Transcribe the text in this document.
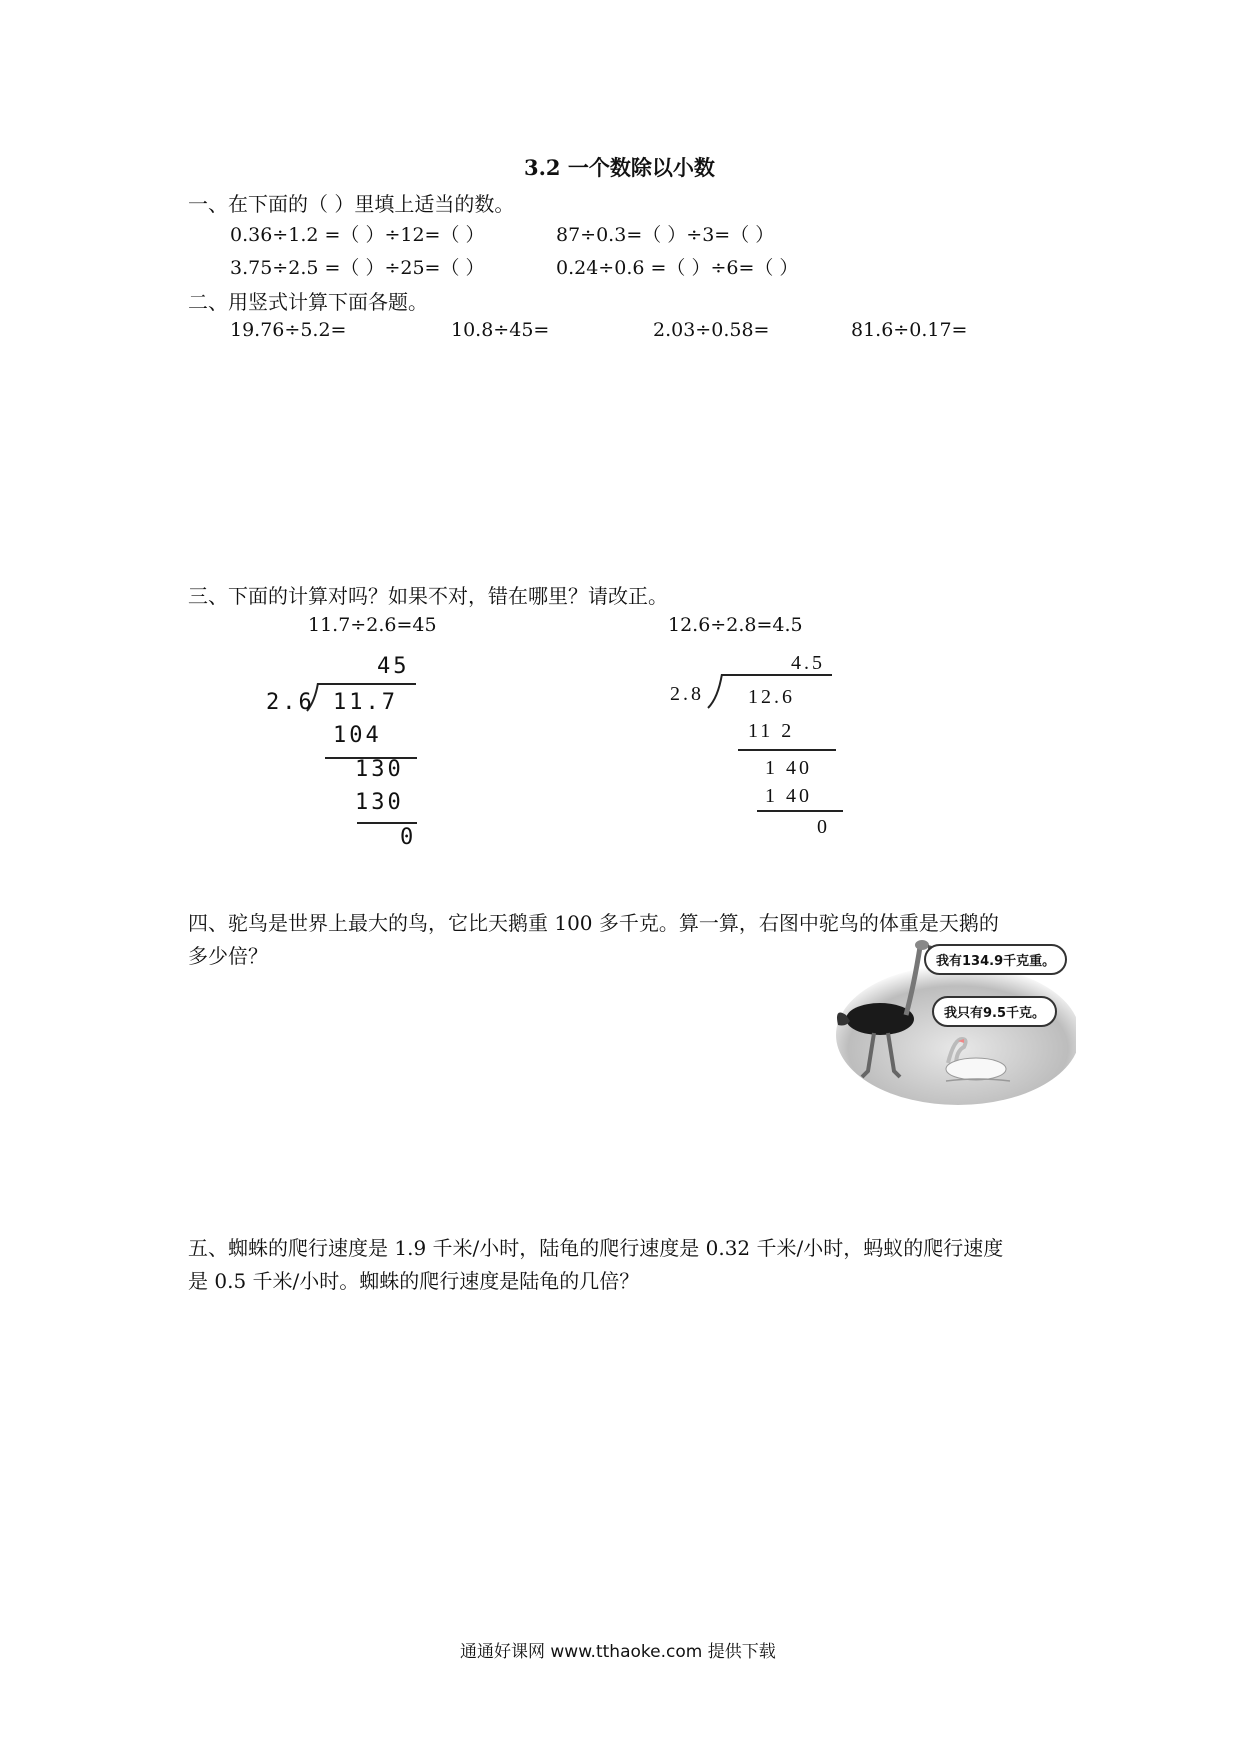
3.2 一个数除以小数
一、在下面的（ ）里填上适当的数。
0.36÷1.2 =（ ）÷12=（ ）	87÷0.3=（ ）÷3=（ ）
3.75÷2.5 =（ ）÷25=（ ）	0.24÷0.6 =（ ）÷6=（ ）
二、用竖式计算下面各题。
19.76÷5.2=	10.8÷45=	2.03÷0.58=	81.6÷0.17=
三、下面的计算对吗？如果不对，错在哪里？请改正。
11.7÷2.6=45	12.6÷2.8=4.5
45
2.6 11.7
104
130
130
0
4.5
2.8 12.6
11 2
1 40
1 40
0
四、驼鸟是世界上最大的鸟，它比天鹅重 100 多千克。算一算，右图中驼鸟的体重是天鹅的
多少倍？	我有134.9千克重。
我只有9.5千克。
五、蜘蛛的爬行速度是 1.9 千米/小时，陆龟的爬行速度是 0.32 千米/小时，蚂蚁的爬行速度
是 0.5 千米/小时。蜘蛛的爬行速度是陆龟的几倍？
通通好课网 www.tthaoke.com 提供下载
